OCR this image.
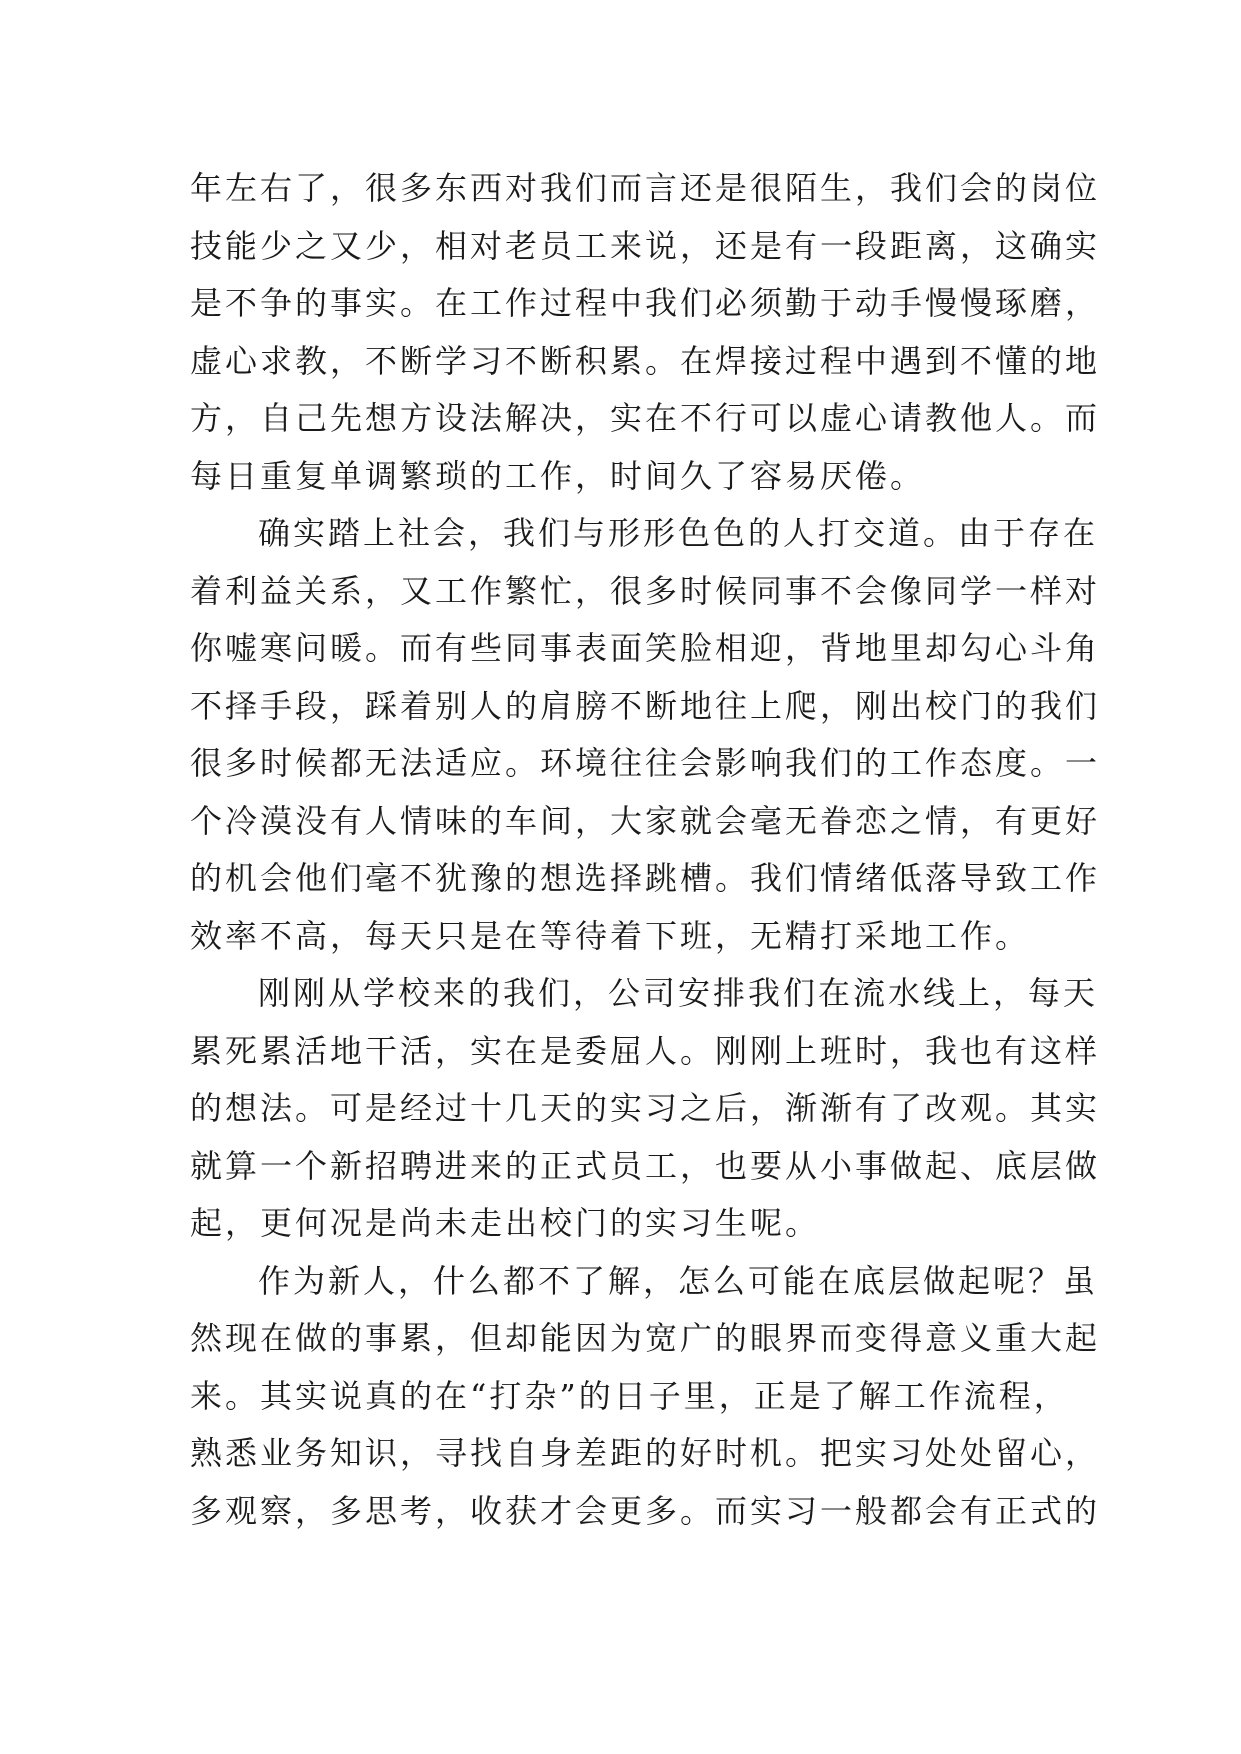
年左右了，很多东西对我们而言还是很陌生，我们会的岗位
技能少之又少，相对老员工来说，还是有一段距离，这确实
是不争的事实。在工作过程中我们必须勤于动手慢慢琢磨，
虚心求教，不断学习不断积累。在焊接过程中遇到不懂的地
方，自己先想方设法解决，实在不行可以虚心请教他人。而
每日重复单调繁琐的工作，时间久了容易厌倦。
确实踏上社会，我们与形形色色的人打交道。由于存在
着利益关系，又工作繁忙，很多时候同事不会像同学一样对
你嘘寒问暖。而有些同事表面笑脸相迎，背地里却勾心斗角
不择手段，踩着别人的肩膀不断地往上爬，刚出校门的我们
很多时候都无法适应。环境往往会影响我们的工作态度。一
个冷漠没有人情味的车间，大家就会毫无眷恋之情，有更好
的机会他们毫不犹豫的想选择跳槽。我们情绪低落导致工作
效率不高，每天只是在等待着下班，无精打采地工作。
刚刚从学校来的我们，公司安排我们在流水线上，每天
累死累活地干活，实在是委屈人。刚刚上班时，我也有这样
的想法。可是经过十几天的实习之后，渐渐有了改观。其实
就算一个新招聘进来的正式员工，也要从小事做起、底层做
起，更何况是尚未走出校门的实习生呢。
作为新人，什么都不了解，怎么可能在底层做起呢？虽
然现在做的事累，但却能因为宽广的眼界而变得意义重大起
来。其实说真的在“打杂”的日子里，正是了解工作流程，
熟悉业务知识，寻找自身差距的好时机。把实习处处留心，
多观察，多思考，收获才会更多。而实习一般都会有正式的
